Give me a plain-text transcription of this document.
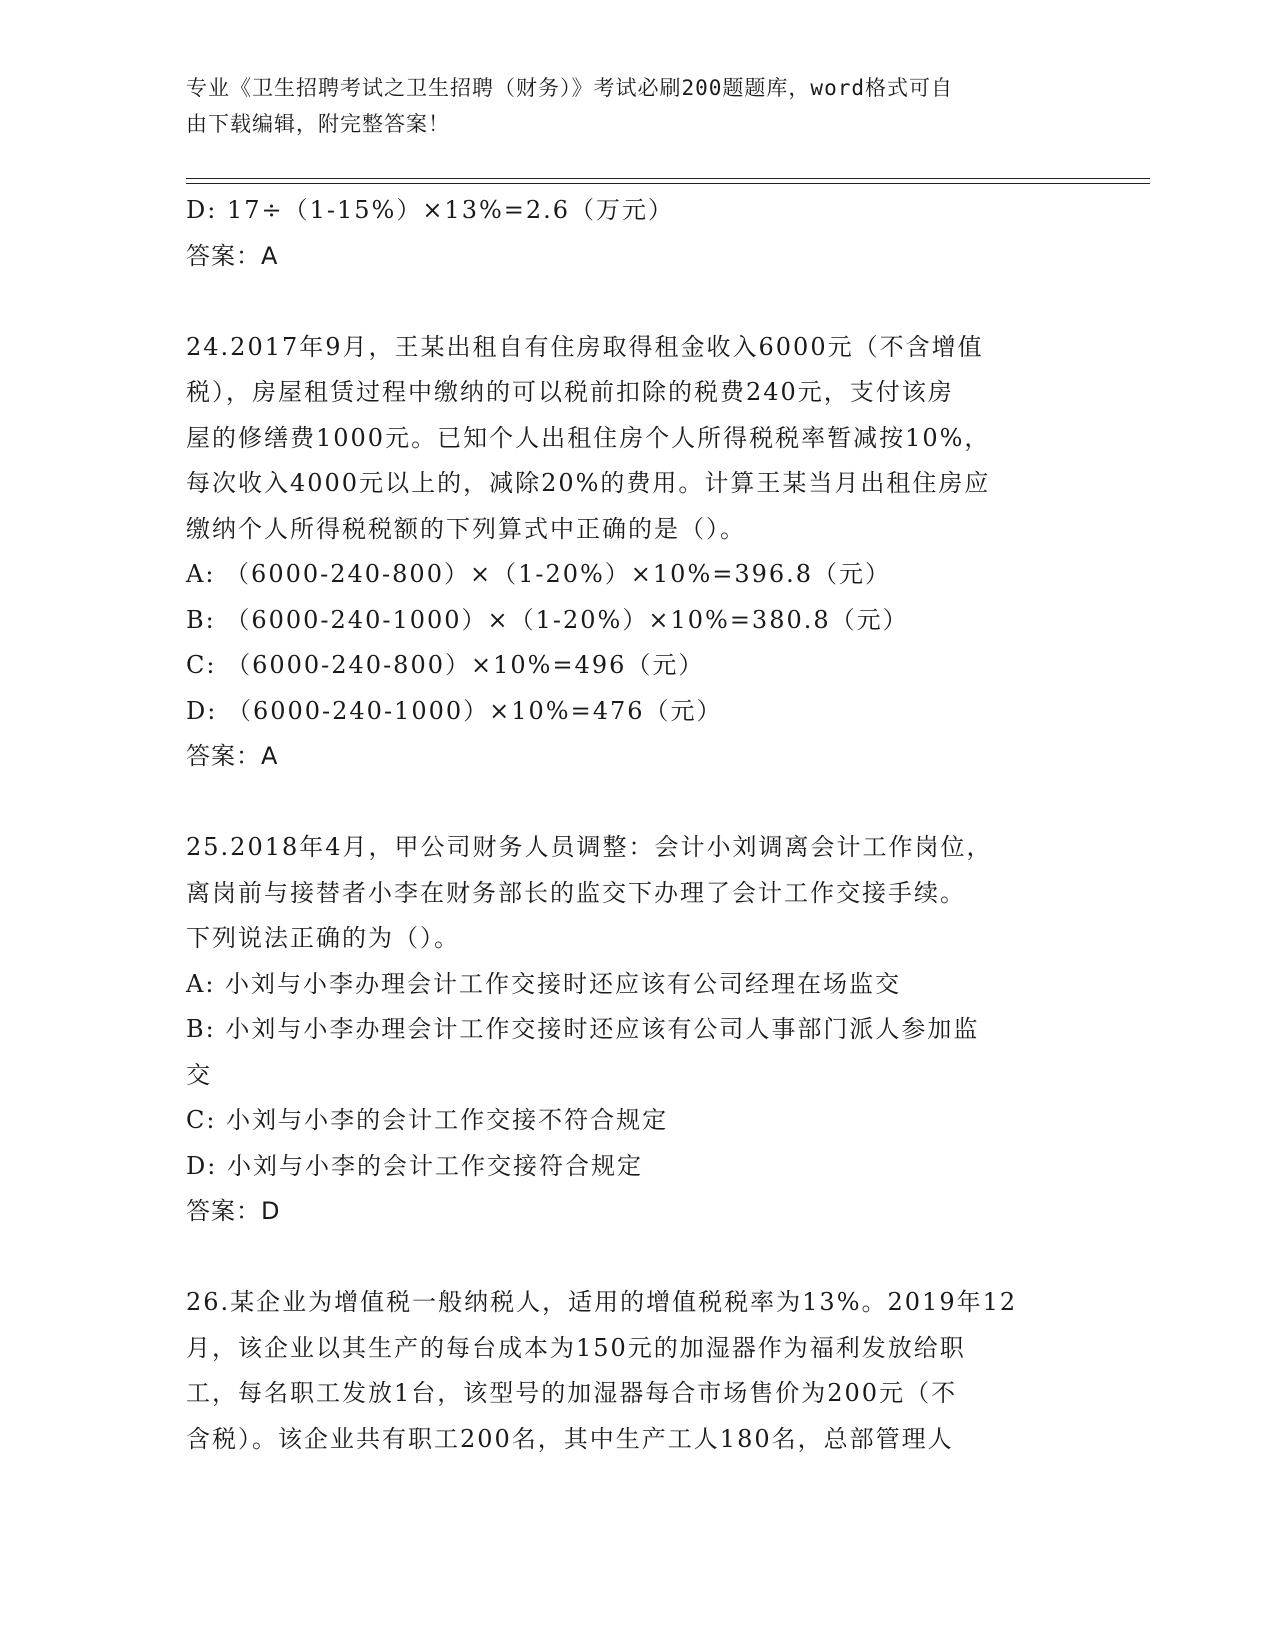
专业《卫生招聘考试之卫生招聘（财务）》考试必刷200题题库，word格式可自
由下载编辑，附完整答案！
D: 17÷（1-15%）×13%=2.6（万元）
答案：A
24.2017年9月，王某出租自有住房取得租金收入6000元（不含增值
税），房屋租赁过程中缴纳的可以税前扣除的税费240元，支付该房
屋的修缮费1000元。已知个人出租住房个人所得税税率暂减按10%，
每次收入4000元以上的，减除20%的费用。计算王某当月出租住房应
缴纳个人所得税税额的下列算式中正确的是（）。
A: （6000-240-800）×（1-20%）×10%=396.8（元）
B: （6000-240-1000）×（1-20%）×10%=380.8（元）
C: （6000-240-800）×10%=496（元）
D: （6000-240-1000）×10%=476（元）
答案：A
25.2018年4月，甲公司财务人员调整：会计小刘调离会计工作岗位，
离岗前与接替者小李在财务部长的监交下办理了会计工作交接手续。
下列说法正确的为（）。
A: 小刘与小李办理会计工作交接时还应该有公司经理在场监交
B: 小刘与小李办理会计工作交接时还应该有公司人事部门派人参加监
交
C: 小刘与小李的会计工作交接不符合规定
D: 小刘与小李的会计工作交接符合规定
答案：D
26.某企业为增值税一般纳税人，适用的增值税税率为13%。2019年12
月，该企业以其生产的每台成本为150元的加湿器作为福利发放给职
工，每名职工发放1台，该型号的加湿器每合市场售价为200元（不
含税）。该企业共有职工200名，其中生产工人180名，总部管理人
